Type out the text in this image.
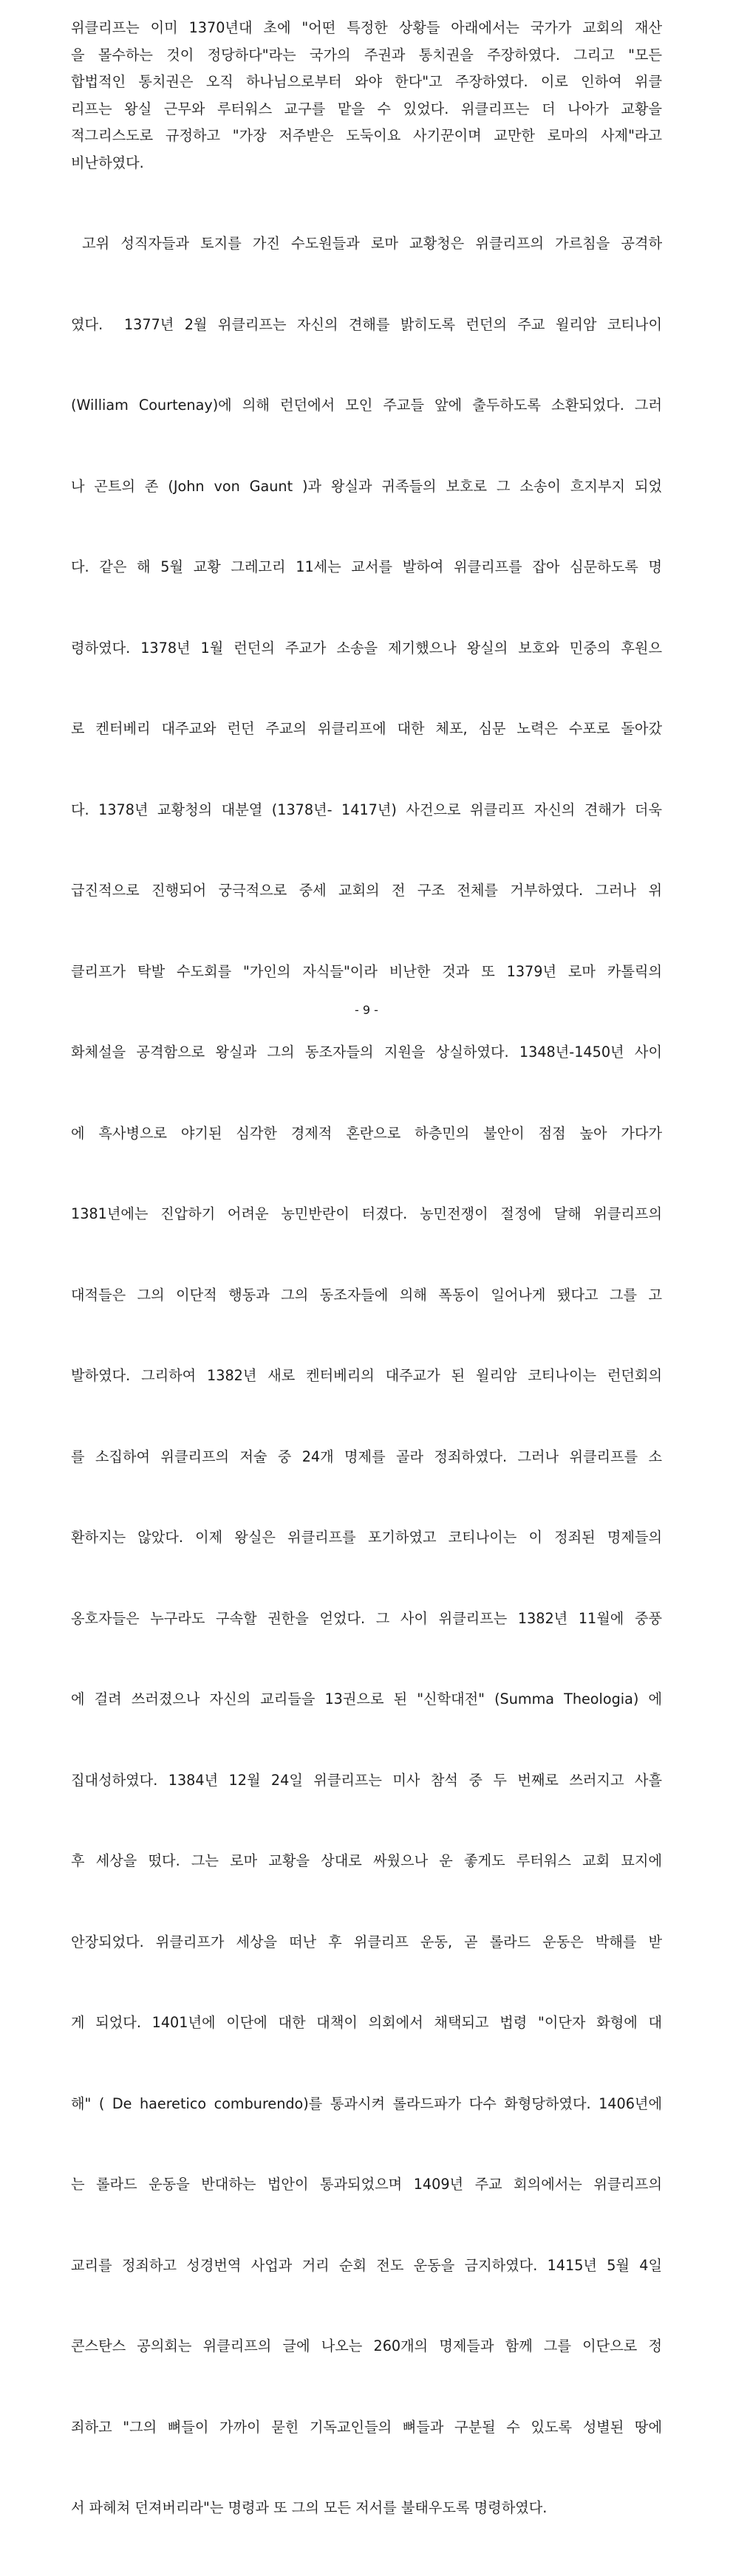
위클리프는 이미 1370년대 초에 "어떤 특정한 상황들 아래에서는 국가가 교회의 재산
을 몰수하는 것이 정당하다"라는 국가의 주권과 통치권을 주장하였다. 그리고 "모든
합법적인 통치권은 오직 하나님으로부터 와야 한다"고 주장하였다. 이로 인하여 위클
리프는 왕실 근무와 루터워스 교구를 맡을 수 있었다. 위클리프는 더 나아가 교황을
적그리스도로 규정하고 "가장 저주받은 도둑이요 사기꾼이며 교만한 로마의 사제"라고
비난하였다.

고위 성직자들과 토지를 가진 수도원들과 로마 교황청은 위클리프의 가르침을 공격하

였다.  1377년 2월 위클리프는 자신의 견해를 밝히도록 런던의 주교 윌리암 코티나이

(William Courtenay)에 의해 런던에서 모인 주교들 앞에 출두하도록 소환되었다. 그러

나 곤트의 존 (John von Gaunt )과 왕실과 귀족들의 보호로 그 소송이 흐지부지 되었

다. 같은 해 5월 교황 그레고리 11세는 교서를 발하여 위클리프를 잡아 심문하도록 명

령하였다. 1378년 1월 런던의 주교가 소송을 제기했으나 왕실의 보호와 민중의 후원으

로 켄터베리 대주교와 런던 주교의 위클리프에 대한 체포, 심문 노력은 수포로 돌아갔

다. 1378년 교황청의 대분열 (1378년- 1417년) 사건으로 위클리프 자신의 견해가 더욱

급진적으로 진행되어 궁극적으로 중세 교회의 전 구조 전체를 거부하였다. 그러나 위

클리프가 탁발 수도회를 "가인의 자식들"이라 비난한 것과 또 1379년 로마 카톨릭의

화체설을 공격함으로 왕실과 그의 동조자들의 지원을 상실하였다. 1348년-1450년 사이

에 흑사병으로 야기된 심각한 경제적 혼란으로 하층민의 불안이 점점 높아 가다가

1381년에는 진압하기 어려운 농민반란이 터졌다. 농민전쟁이 절정에 달해 위클리프의

대적들은 그의 이단적 행동과 그의 동조자들에 의해 폭동이 일어나게 됐다고 그를 고

발하였다. 그리하여 1382년 새로 켄터베리의 대주교가 된 윌리암 코티나이는 런던회의

를 소집하여 위클리프의 저술 중 24개 명제를 골라 정죄하였다. 그러나 위클리프를 소

환하지는 않았다. 이제 왕실은 위클리프를 포기하였고 코티나이는 이 정죄된 명제들의

옹호자들은 누구라도 구속할 권한을 얻었다. 그 사이 위클리프는 1382년 11월에 중풍

에 걸려 쓰러졌으나 자신의 교리들을 13권으로 된 "신학대전" (Summa Theologia) 에

집대성하였다. 1384년 12월 24일 위클리프는 미사 참석 중 두 번째로 쓰러지고 사흘

후 세상을 떴다. 그는 로마 교황을 상대로 싸웠으나 운 좋게도 루터워스 교회 묘지에

안장되었다. 위클리프가 세상을 떠난 후 위클리프 운동, 곧 롤라드 운동은 박해를 받

게 되었다. 1401년에 이단에 대한 대책이 의회에서 채택되고 법령 "이단자 화형에 대

해" ( De haeretico comburendo)를 통과시켜 롤라드파가 다수 화형당하였다. 1406년에

는 롤라드 운동을 반대하는 법안이 통과되었으며 1409년 주교 회의에서는 위클리프의

교리를 정죄하고 성경번역 사업과 거리 순회 전도 운동을 금지하였다. 1415년 5월 4일

콘스탄스 공의회는 위클리프의 글에 나오는 260개의 명제들과 함께 그를 이단으로 정

죄하고 "그의 뼈들이 가까이 묻힌 기독교인들의 뼈들과 구분될 수 있도록 성별된 땅에

서 파헤쳐 던져버리라"는 명령과 또 그의 모든 저서를 불태우도록 명령하였다.

- 9 -
